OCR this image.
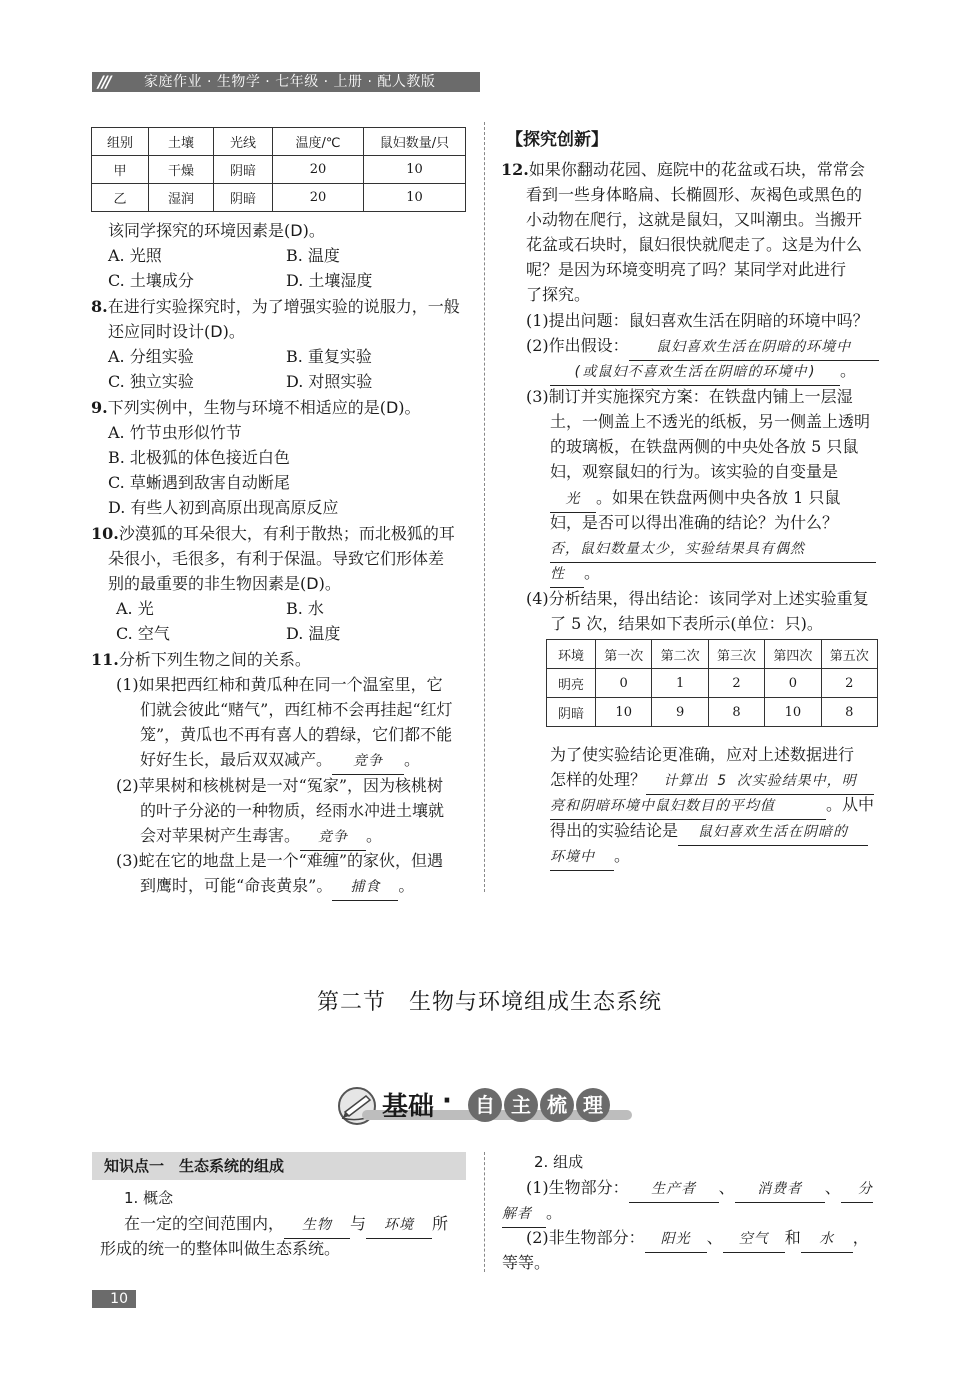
/// 家庭作业 · 生物学 · 七年级 · 上册 · 配人教版
组别	土壤	光线	温度/℃	鼠妇数量/只
甲	干燥	阴暗	20	10
乙	湿润	阴暗	20	10
该同学探究的环境因素是(D)。
A. 光照	B. 温度
C. 土壤成分	D. 土壤湿度
8.在进行实验探究时，为了增强实验的说服力，一般
还应同时设计(D)。
A. 分组实验	B. 重复实验
C. 独立实验	D. 对照实验
9.下列实例中，生物与环境不相适应的是(D)。
A. 竹节虫形似竹节
B. 北极狐的体色接近白色
C. 草蜥遇到敌害自动断尾
D. 有些人初到高原出现高原反应
10.沙漠狐的耳朵很大，有利于散热；而北极狐的耳
朵很小，毛很多，有利于保温。导致它们形体差
别的最重要的非生物因素是(D)。
A. 光	B. 水
C. 空气	D. 温度
11.分析下列生物之间的关系。
(1)如果把西红柿和黄瓜种在同一个温室里，它
们就会彼此“赌气”，西红柿不会再挂起“红灯
笼”，黄瓜也不再有喜人的碧绿，它们都不能
好好生长，最后双双减产。 竞争 。
(2)苹果树和核桃树是一对“冤家”，因为核桃树
的叶子分泌的一种物质，经雨水冲进土壤就
会对苹果树产生毒害。 竞争 。
(3)蛇在它的地盘上是一个“难缠”的家伙，但遇
到鹰时，可能“命丧黄泉”。 捕食 。
【探究创新】
12.如果你翻动花园、庭院中的花盆或石块，常常会
看到一些身体略扁、长椭圆形、灰褐色或黑色的
小动物在爬行，这就是鼠妇，又叫潮虫。当搬开
花盆或石块时，鼠妇很快就爬走了。这是为什么
呢？是因为环境变明亮了吗？某同学对此进行
了探究。
(1)提出问题：鼠妇喜欢生活在阴暗的环境中吗？
(2)作出假设： 鼠妇喜欢生活在阴暗的环境中
(或鼠妇不喜欢生活在阴暗的环境中) 。
(3)制订并实施探究方案：在铁盘内铺上一层湿
土，一侧盖上不透光的纸板，另一侧盖上透明
的玻璃板，在铁盘两侧的中央处各放 5 只鼠
妇，观察鼠妇的行为。该实验的自变量是
光 。如果在铁盘两侧中央各放 1 只鼠
妇，是否可以得出准确的结论？为什么？
否，鼠妇数量太少，实验结果具有偶然
性 。
(4)分析结果，得出结论：该同学对上述实验重复
了 5 次，结果如下表所示(单位：只)。
环境	第一次	第二次	第三次	第四次	第五次
明亮	0	1	2	0	2
阴暗	10	9	8	10	8
为了使实验结论更准确，应对上述数据进行
怎样的处理？ 计算出 5 次实验结果中，明
亮和阴暗环境中鼠妇数目的平均值	。从中
得出的实验结论是 鼠妇喜欢生活在阴暗的
环境中 。
第二节　生物与环境组成生态系统
基础 ·	自 主 梳 理
知识点一　生态系统的组成
1. 概念
在一定的空间范围内， 生物 与 环境 所
形成的统一的整体叫做生态系统。
2. 组成
(1)生物部分： 生产者 、 消费者 、 分
解者 。
(2)非生物部分： 阳光 、 空气 和 水 ，
等等。
10
